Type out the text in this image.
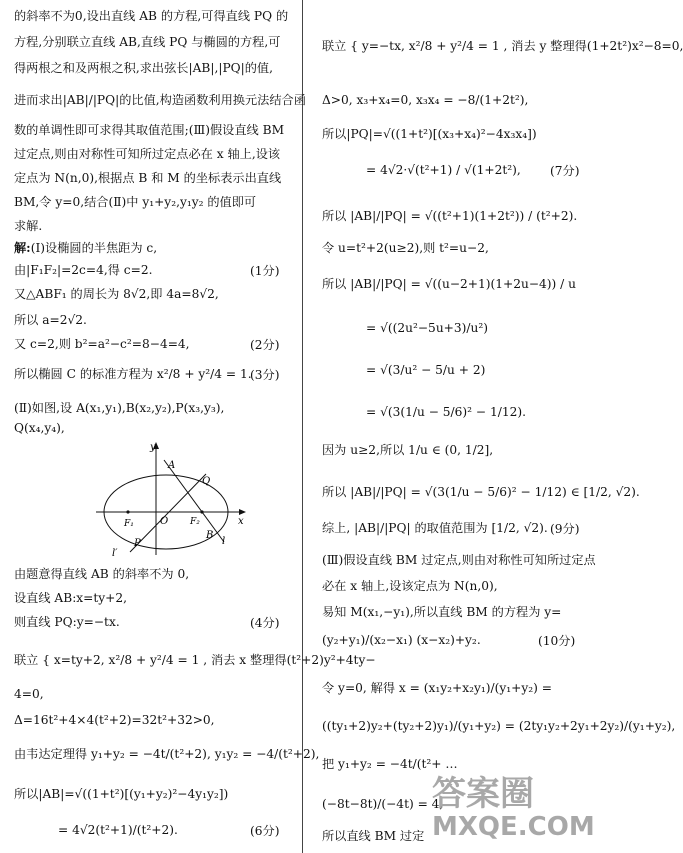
的斜率不为0,设出直线 AB 的方程,可得直线 PQ 的
方程,分别联立直线 AB,直线 PQ 与椭圆的方程,可
得两根之和及两根之积,求出弦长|AB|,|PQ|的值,
进而求出|AB|/|PQ|的比值,构造函数利用换元法结合函
数的单调性即可求得其取值范围;(Ⅲ)假设直线 BM
过定点,则由对称性可知所过定点必在 x 轴上,设该
定点为 N(n,0),根据点 B 和 M 的坐标表示出直线
BM,令 y=0,结合(Ⅱ)中 y₁+y₂,y₁y₂ 的值即可
求解.
解:(Ⅰ)设椭圆的半焦距为 c,
由|F₁F₂|=2c=4,得 c=2.
又△ABF₁ 的周长为 8√2,即 4a=8√2,
所以 a=2√2.
又 c=2,则 b²=a²−c²=8−4=4,
所以椭圆 C 的标准方程为 x²/8 + y²/4 = 1.
(Ⅱ)如图,设 A(x₁,y₁),B(x₂,y₂),P(x₃,y₃),
Q(x₄,y₄),
(1分)
(2分)
(3分)
y
x
A
Q
F₁	O F₂
B
P	l
l′
由题意得直线 AB 的斜率不为 0,
设直线 AB:x=ty+2,
则直线 PQ:y=−tx.
联立 { x=ty+2, x²/8 + y²/4 = 1 , 消去 x 整理得(t²+2)y²+4ty−
4=0,
Δ=16t²+4×4(t²+2)=32t²+32>0,
由韦达定理得 y₁+y₂ = −4t/(t²+2), y₁y₂ = −4/(t²+2),
所以|AB|=√((1+t²)[(y₁+y₂)²−4y₁y₂])
= 4√2(t²+1)/(t²+2).
(4分)
(6分)
联立 { y=−tx, x²/8 + y²/4 = 1 , 消去 y 整理得(1+2t²)x²−8=0,
Δ>0, x₃+x₄=0, x₃x₄ = −8/(1+2t²),
所以|PQ|=√((1+t²)[(x₃+x₄)²−4x₃x₄])
= 4√2·√(t²+1) / √(1+2t²),
所以 |AB|/|PQ| = √((t²+1)(1+2t²)) / (t²+2).
令 u=t²+2(u≥2),则 t²=u−2,
所以 |AB|/|PQ| = √((u−2+1)(1+2u−4)) / u
= √((2u²−5u+3)/u²)
= √(3/u² − 5/u + 2)
= √(3(1/u − 5/6)² − 1/12).
因为 u≥2,所以 1/u ∈ (0, 1/2],
所以 |AB|/|PQ| = √(3(1/u − 5/6)² − 1/12) ∈ [1/2, √2).
综上, |AB|/|PQ| 的取值范围为 [1/2, √2).
(Ⅲ)假设直线 BM 过定点,则由对称性可知所过定点
必在 x 轴上,设该定点为 N(n,0),
易知 M(x₁,−y₁),所以直线 BM 的方程为 y=
(y₂+y₁)/(x₂−x₁) (x−x₂)+y₂.
令 y=0, 解得 x = (x₁y₂+x₂y₁)/(y₁+y₂) =
((ty₁+2)y₂+(ty₂+2)y₁)/(y₁+y₂) = (2ty₁y₂+2y₁+2y₂)/(y₁+y₂),
把 y₁+y₂ = −4t/(t²+ …
(−8t−8t)/(−4t) = 4,
所以直线 BM 过定
(7分)
(9分)
(10分)
答案圈
MXQE.COM
